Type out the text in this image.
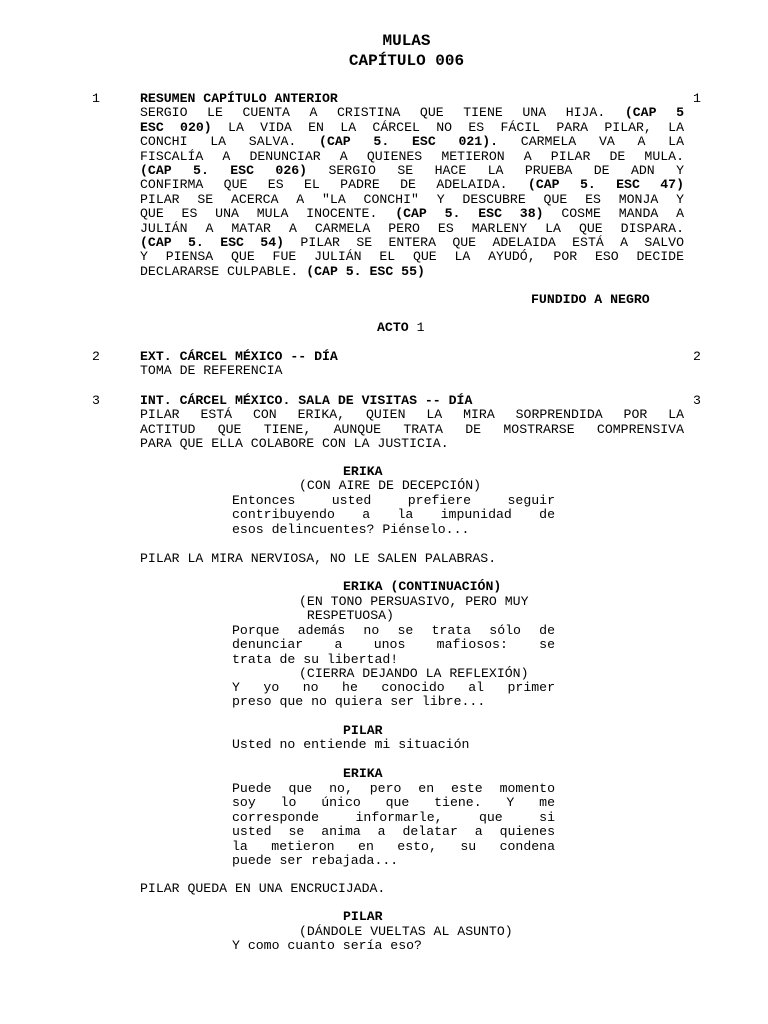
MULAS
CAPÍTULO 006
1	RESUMEN CAPÍTULO ANTERIOR	1
SERGIO LE CUENTA A CRISTINA QUE TIENE UNA HIJA. (CAP 5
ESC 020) LA VIDA EN LA CÁRCEL NO ES FÁCIL PARA PILAR, LA
CONCHI LA SALVA. (CAP 5. ESC 021). CARMELA VA A LA
FISCALÍA A DENUNCIAR A QUIENES METIERON A PILAR DE MULA.
(CAP 5. ESC 026) SERGIO SE HACE LA PRUEBA DE ADN Y
CONFIRMA QUE ES EL PADRE DE ADELAIDA. (CAP 5. ESC 47)
PILAR SE ACERCA A "LA CONCHI" Y DESCUBRE QUE ES MONJA Y
QUE ES UNA MULA INOCENTE. (CAP 5. ESC 38) COSME MANDA A
JULIÁN A MATAR A CARMELA PERO ES MARLENY LA QUE DISPARA.
(CAP 5. ESC 54) PILAR SE ENTERA QUE ADELAIDA ESTÁ A SALVO
Y PIENSA QUE FUE JULIÁN EL QUE LA AYUDÓ, POR ESO DECIDE
DECLARARSE CULPABLE. (CAP 5. ESC 55)
FUNDIDO A NEGRO
ACTO 1
2	EXT. CÁRCEL MÉXICO -- DÍA	2
TOMA DE REFERENCIA
3	INT. CÁRCEL MÉXICO. SALA DE VISITAS -- DÍA	3
PILAR ESTÁ CON ERIKA, QUIEN LA MIRA SORPRENDIDA POR LA
ACTITUD QUE TIENE, AUNQUE TRATA DE MOSTRARSE COMPRENSIVA
PARA QUE ELLA COLABORE CON LA JUSTICIA.
ERIKA
(CON AIRE DE DECEPCIÓN)
Entonces usted prefiere seguir
contribuyendo a la impunidad de
esos delincuentes? Piénselo...
PILAR LA MIRA NERVIOSA, NO LE SALEN PALABRAS.
ERIKA (CONTINUACIÓN)
(EN TONO PERSUASIVO, PERO MUY
RESPETUOSA)
Porque además no se trata sólo de
denunciar a unos mafiosos: se
trata de su libertad!
(CIERRA DEJANDO LA REFLEXIÓN)
Y yo no he conocido al primer
preso que no quiera ser libre...
PILAR
Usted no entiende mi situación
ERIKA
Puede que no, pero en este momento
soy lo único que tiene. Y me
corresponde informarle, que si
usted se anima a delatar a quienes
la metieron en esto, su condena
puede ser rebajada...
PILAR QUEDA EN UNA ENCRUCIJADA.
PILAR
(DÁNDOLE VUELTAS AL ASUNTO)
Y como cuanto sería eso?
